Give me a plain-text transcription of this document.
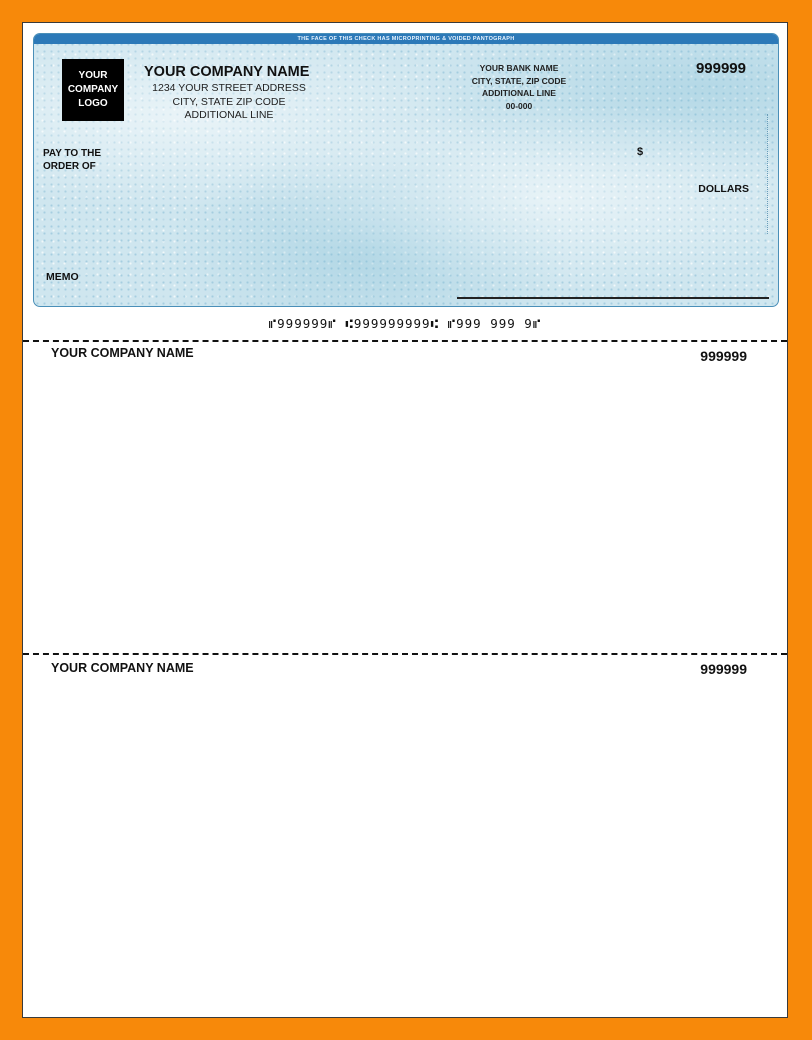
THE FACE OF THIS CHECK HAS MICROPRINTING & VOIDED PANTOGRAPH
YOUR
COMPANY
LOGO
YOUR COMPANY NAME
1234 YOUR STREET ADDRESS
CITY, STATE ZIP CODE
ADDITIONAL LINE
YOUR BANK NAME
CITY, STATE, ZIP CODE
ADDITIONAL LINE
00-000
999999
PAY TO THE
ORDER OF
$
DOLLARS
MEMO
⑈999999⑈ ⑆999999999⑆ ⑈999 999 9⑈
YOUR COMPANY NAME	999999
YOUR COMPANY NAME	999999
